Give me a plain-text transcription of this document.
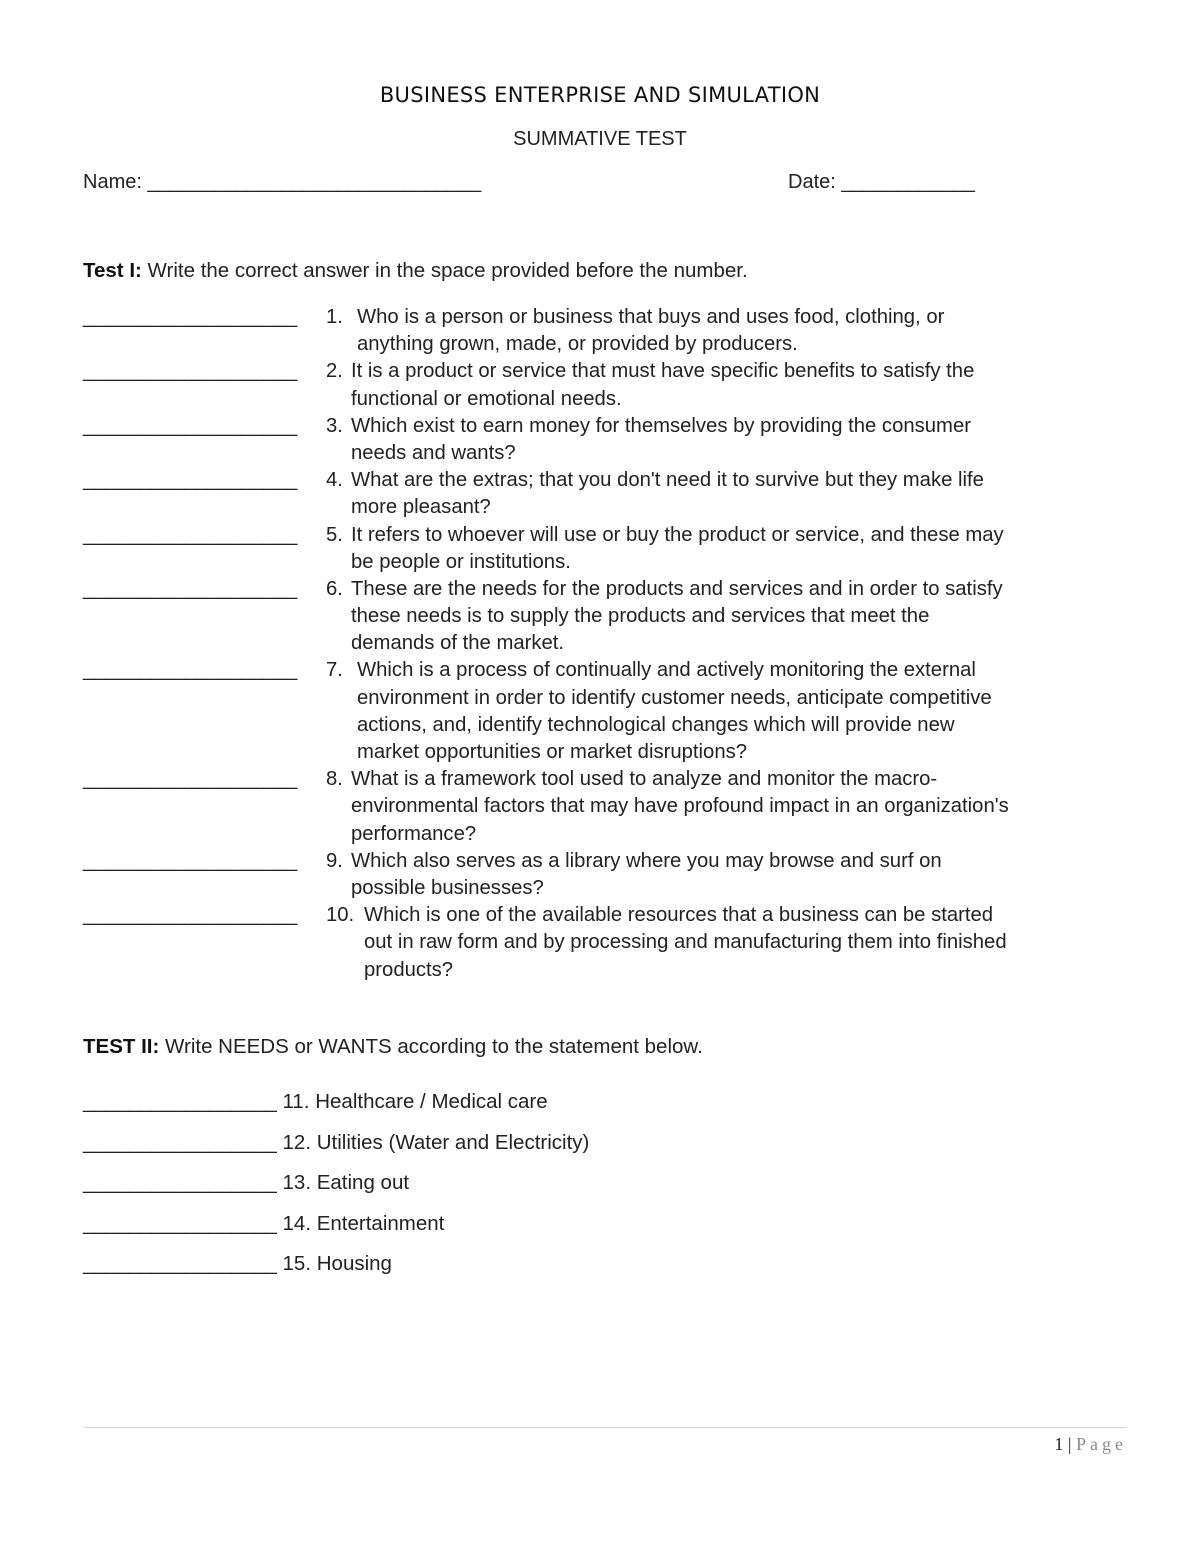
BUSINESS ENTERPRISE AND SIMULATION
SUMMATIVE TEST
Name: ______________________________	Date: ____________
Test I: Write the correct answer in the space provided before the number.
___________________ 1. Who is a person or business that buys and uses food, clothing, or
anything grown, made, or provided by producers.
___________________ 2. It is a product or service that must have specific benefits to satisfy the
functional or emotional needs.
___________________ 3. Which exist to earn money for themselves by providing the consumer
needs and wants?
___________________ 4. What are the extras; that you don't need it to survive but they make life
more pleasant?
___________________ 5. It refers to whoever will use or buy the product or service, and these may
be people or institutions.
___________________ 6. These are the needs for the products and services and in order to satisfy
these needs is to supply the products and services that meet the
demands of the market.
___________________ 7. Which is a process of continually and actively monitoring the external
environment in order to identify customer needs, anticipate competitive
actions, and, identify technological changes which will provide new
market opportunities or market disruptions?
___________________ 8. What is a framework tool used to analyze and monitor the macro-
environmental factors that may have profound impact in an organization's
performance?
___________________ 9. Which also serves as a library where you may browse and surf on
possible businesses?
___________________ 10. Which is one of the available resources that a business can be started
out in raw form and by processing and manufacturing them into finished
products?
TEST II: Write NEEDS or WANTS according to the statement below.
_________________ 11. Healthcare / Medical care
_________________ 12. Utilities (Water and Electricity)
_________________ 13. Eating out
_________________ 14. Entertainment
_________________ 15. Housing
1 | Page
